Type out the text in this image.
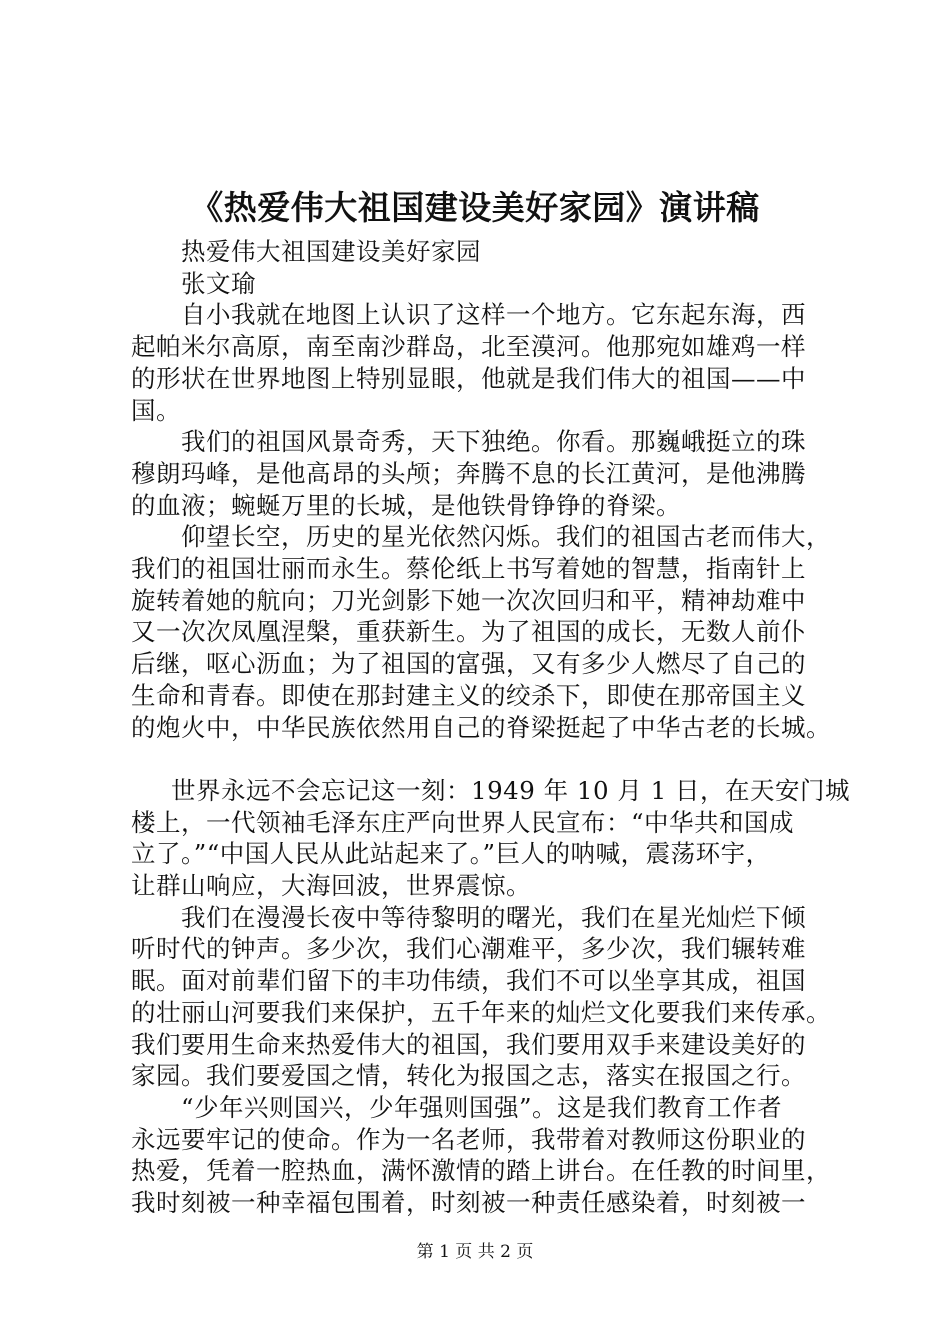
《热爱伟大祖国建设美好家园》演讲稿

热爱伟大祖国建设美好家园

张文瑜

自小我就在地图上认识了这样一个地方。它东起东海，西

起帕米尔高原，南至南沙群岛，北至漠河。他那宛如雄鸡一样

的形状在世界地图上特别显眼，他就是我们伟大的祖国——中

国。

我们的祖国风景奇秀，天下独绝。你看。那巍峨挺立的珠

穆朗玛峰，是他高昂的头颅；奔腾不息的长江黄河，是他沸腾

的血液；蜿蜒万里的长城，是他铁骨铮铮的脊梁。

仰望长空，历史的星光依然闪烁。我们的祖国古老而伟大，

我们的祖国壮丽而永生。蔡伦纸上书写着她的智慧，指南针上

旋转着她的航向；刀光剑影下她一次次回归和平，精神劫难中

又一次次凤凰涅槃，重获新生。为了祖国的成长，无数人前仆

后继，呕心沥血；为了祖国的富强，又有多少人燃尽了自己的

生命和青春。即使在那封建主义的绞杀下，即使在那帝国主义

的炮火中，中华民族依然用自己的脊梁挺起了中华古老的长城。

世界永远不会忘记这一刻：1949 年 10 月 1 日，在天安门城

楼上，一代领袖毛泽东庄严向世界人民宣布：“中华共和国成

立了。”“中国人民从此站起来了。”巨人的呐喊，震荡环宇，

让群山响应，大海回波，世界震惊。

我们在漫漫长夜中等待黎明的曙光，我们在星光灿烂下倾

听时代的钟声。多少次，我们心潮难平，多少次，我们辗转难

眠。面对前辈们留下的丰功伟绩，我们不可以坐享其成，祖国

的壮丽山河要我们来保护，五千年来的灿烂文化要我们来传承。

我们要用生命来热爱伟大的祖国，我们要用双手来建设美好的

家园。我们要爱国之情，转化为报国之志，落实在报国之行。

“少年兴则国兴，少年强则国强”。这是我们教育工作者

永远要牢记的使命。作为一名老师，我带着对教师这份职业的

热爱，凭着一腔热血，满怀激情的踏上讲台。在任教的时间里，

我时刻被一种幸福包围着，时刻被一种责任感染着，时刻被一

第 1 页 共 2 页
